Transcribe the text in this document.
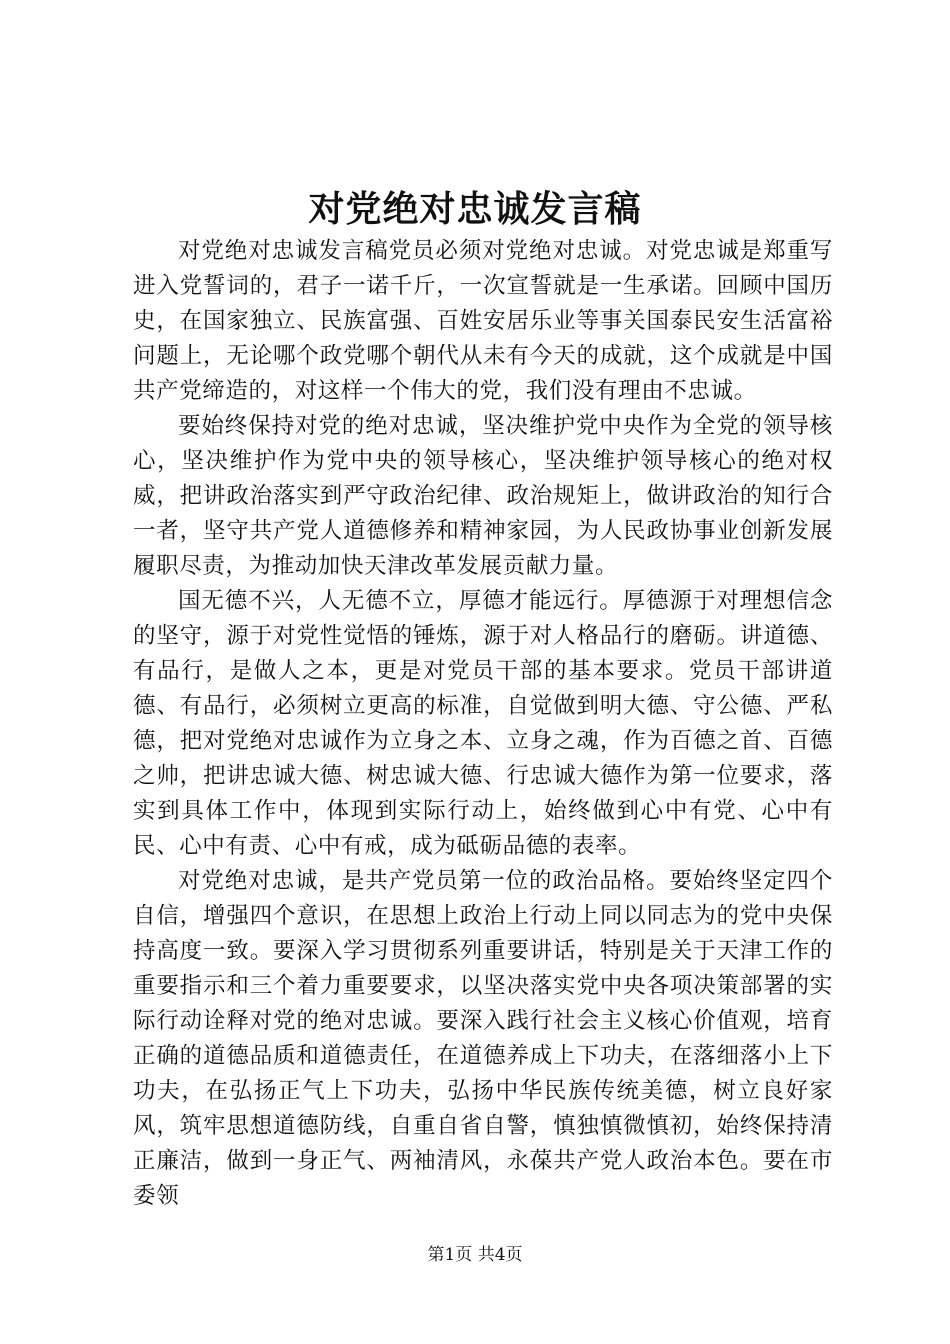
对党绝对忠诚发言稿

对党绝对忠诚发言稿党员必须对党绝对忠诚。对党忠诚是郑重写进入党誓词的，君子一诺千斤，一次宣誓就是一生承诺。回顾中国历史，在国家独立、民族富强、百姓安居乐业等事关国泰民安生活富裕问题上，无论哪个政党哪个朝代从未有今天的成就，这个成就是中国共产党缔造的，对这样一个伟大的党，我们没有理由不忠诚。

要始终保持对党的绝对忠诚，坚决维护党中央作为全党的领导核心，坚决维护作为党中央的领导核心，坚决维护领导核心的绝对权威，把讲政治落实到严守政治纪律、政治规矩上，做讲政治的知行合一者，坚守共产党人道德修养和精神家园，为人民政协事业创新发展履职尽责，为推动加快天津改革发展贡献力量。

国无德不兴，人无德不立，厚德才能远行。厚德源于对理想信念的坚守，源于对党性觉悟的锤炼，源于对人格品行的磨砺。讲道德、有品行，是做人之本，更是对党员干部的基本要求。党员干部讲道德、有品行，必须树立更高的标准，自觉做到明大德、守公德、严私德，把对党绝对忠诚作为立身之本、立身之魂，作为百德之首、百德之帅，把讲忠诚大德、树忠诚大德、行忠诚大德作为第一位要求，落实到具体工作中，体现到实际行动上，始终做到心中有党、心中有民、心中有责、心中有戒，成为砥砺品德的表率。

对党绝对忠诚，是共产党员第一位的政治品格。要始终坚定四个自信，增强四个意识，在思想上政治上行动上同以同志为的党中央保持高度一致。要深入学习贯彻系列重要讲话，特别是关于天津工作的重要指示和三个着力重要要求，以坚决落实党中央各项决策部署的实际行动诠释对党的绝对忠诚。要深入践行社会主义核心价值观，培育正确的道德品质和道德责任，在道德养成上下功夫，在落细落小上下功夫，在弘扬正气上下功夫，弘扬中华民族传统美德，树立良好家风，筑牢思想道德防线，自重自省自警，慎独慎微慎初，始终保持清正廉洁，做到一身正气、两袖清风，永葆共产党人政治本色。要在市委领

第1页 共4页
